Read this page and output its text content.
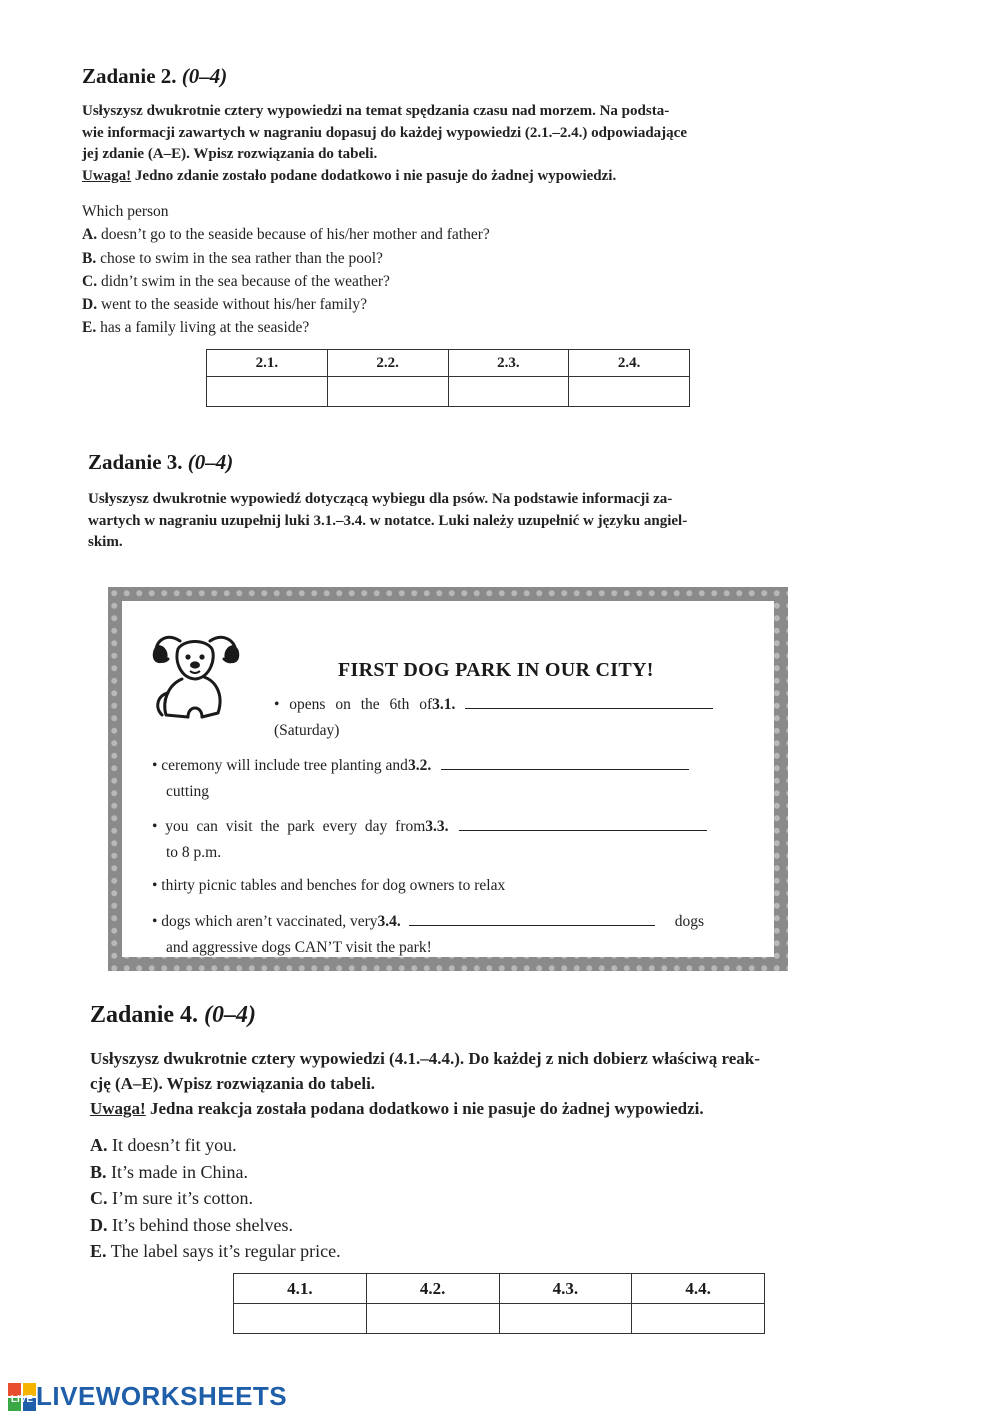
Zadanie 2. (0–4)
Usłyszysz dwukrotnie cztery wypowiedzi na temat spędzania czasu nad morzem. Na podsta-
wie informacji zawartych w nagraniu dopasuj do każdej wypowiedzi (2.1.–2.4.) odpowiadające
jej zdanie (A–E). Wpisz rozwiązania do tabeli.
Uwaga! Jedno zdanie zostało podane dodatkowo i nie pasuje do żadnej wypowiedzi.
Which person
A. doesn’t go to the seaside because of his/her mother and father?
B. chose to swim in the sea rather than the pool?
C. didn’t swim in the sea because of the weather?
D. went to the seaside without his/her family?
E. has a family living at the seaside?
2.1.	2.2.	2.3.	2.4.

Zadanie 3. (0–4)
Usłyszysz dwukrotnie wypowiedź dotyczącą wybiegu dla psów. Na podstawie informacji za-
wartych w nagraniu uzupełnij luki 3.1.–3.4. w notatce. Luki należy uzupełnić w języku angiel-
skim.
FIRST DOG PARK IN OUR CITY!
• opens on the 6th of 3.1.
(Saturday)
• ceremony will include tree planting and 3.2.
cutting
• you can visit the park every day from 3.3.
to 8 p.m.
• thirty picnic tables and benches for dog owners to relax
• dogs which aren’t vaccinated, very 3.4.	dogs
and aggressive dogs CAN’T visit the park!
Zadanie 4. (0–4)
Usłyszysz dwukrotnie cztery wypowiedzi (4.1.–4.4.). Do każdej z nich dobierz właściwą reak-
cję (A–E). Wpisz rozwiązania do tabeli.
Uwaga! Jedna reakcja została podana dodatkowo i nie pasuje do żadnej wypowiedzi.
A. It doesn’t fit you.
B. It’s made in China.
C. I’m sure it’s cotton.
D. It’s behind those shelves.
E. The label says it’s regular price.
4.1.	4.2.	4.3.	4.4.

LIVE LIVEWORKSHEETS
